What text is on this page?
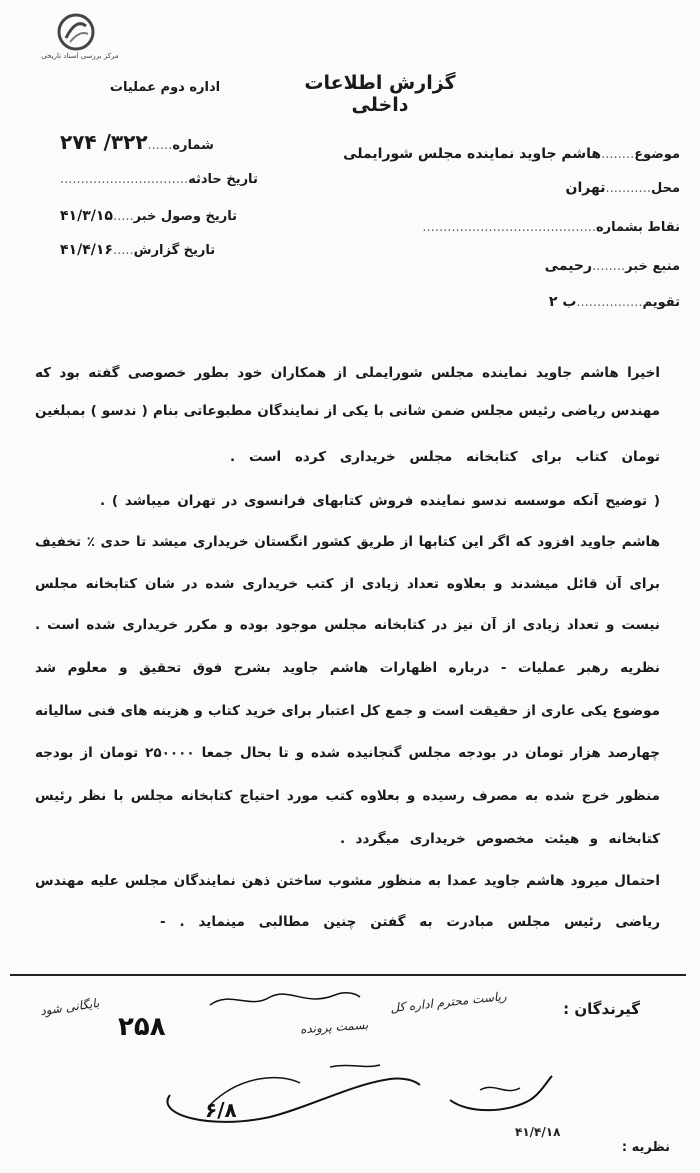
مرکز بررسی اسناد تاریخی
گزارش اطلاعات داخلی
اداره دوم عملیات
موضوع........هاشم جاوید نماینده مجلس شورایملی
محل...........تهران
نقاط بشماره..........................................
منبع خبر........رحیمی
تقویم................ب ۲
شماره......۳۲۲/ ۲۷۴
تاریخ حادثه...............................
تاریخ وصول خبر.....۴۱/۳/۱۵
تاریخ گزارش.....۴۱/۴/۱۶
اخیرا هاشم جاوید نماینده مجلس شورایملی از همکاران خود بطور خصوصی گفته بود که
مهندس ریاضی رئیس مجلس ضمن شانی با یکی از نمایندگان مطبوعاتی بنام ( ندسو ) بمبلغین
تومان کتاب برای کتابخانه مجلس خریداری کرده است .
( توضیح آنکه موسسه ندسو نماینده فروش کتابهای فرانسوی در تهران میباشد ) .
هاشم جاوید افزود که اگر این کتابها از طریق کشور انگستان خریداری میشد تا حدی ٪ تخفیف
برای آن قائل میشدند و بعلاوه تعداد زیادی از کتب خریداری شده در شان کتابخانه مجلس
نیست و تعداد زیادی از آن نیز در کتابخانه مجلس موجود بوده و مکرر خریداری شده است .
نظریه رهبر عملیات - درباره اظهارات هاشم جاوید بشرح فوق تحقیق و معلوم شد
موضوع یکی عاری از حقیقت است و جمع کل اعتبار برای خرید کتاب و هزینه های فنی سالیانه
چهارصد هزار تومان در بودجه مجلس گنجانیده شده و تا بحال جمعا ۲۵۰۰۰۰ تومان از بودجه
منظور خرج شده به مصرف رسیده و بعلاوه کتب مورد احتیاج کتابخانه مجلس با نظر رئیس
کتابخانه و هیئت مخصوص خریداری میگردد .
احتمال میرود هاشم جاوید عمدا به منظور مشوب ساختن ذهن نمایندگان مجلس علیه مهندس
ریاضی رئیس مجلس مبادرت به گفتن چنین مطالبی مینماید . -
گیرندگان :
ریاست محترم اداره کل
بسمت پرونده
بایگانی شود
۲۵۸
۶/۸
۴۱/۴/۱۸
نظریه :
